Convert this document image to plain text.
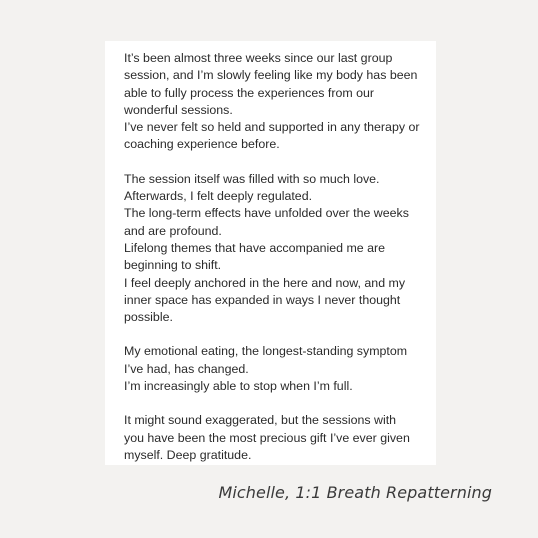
It’s been almost three weeks since our last group
session, and I’m slowly feeling like my body has been
able to fully process the experiences from our
wonderful sessions.
I’ve never felt so held and supported in any therapy or
coaching experience before.
The session itself was filled with so much love.
Afterwards, I felt deeply regulated.
The long-term effects have unfolded over the weeks
and are profound.
Lifelong themes that have accompanied me are
beginning to shift.
I feel deeply anchored in the here and now, and my
inner space has expanded in ways I never thought
possible.
My emotional eating, the longest-standing symptom
I’ve had, has changed.
I’m increasingly able to stop when I’m full.
It might sound exaggerated, but the sessions with
you have been the most precious gift I’ve ever given
myself. Deep gratitude.
Michelle, 1:1 Breath Repatterning
